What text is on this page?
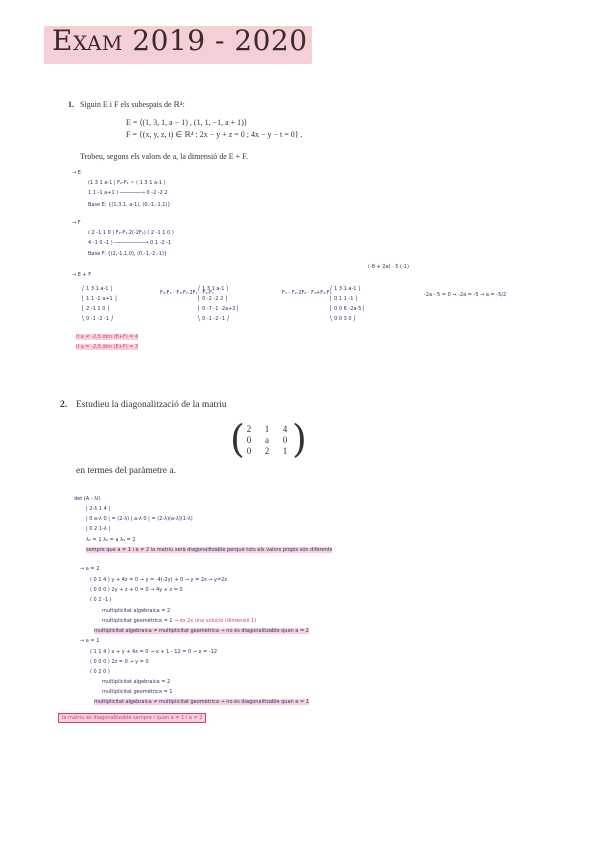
Exam 2019 - 2020
1. Siguin E i F els subespais de ℝ⁴:
E = ⟨(1, 3, 1, a − 1) , (1, 1, −1, a + 1)⟩
F = {(x, y, z, t) ∈ ℝ⁴ : 2x − y + z = 0 ; 4x − y − t = 0} .
Trobeu, segons els valors de a, la dimensió de E + F.
→ E
(1 3 1 a-1 | F₂-F₁ ~ ( 1 3 1 a-1 )
1 1 -1 a+1 ) ───────→ 0 -2 -2 2
Base E: {(1,3,1, a-1), (0,-1,-1,1)}
→ F
( 2 -1 1 0 | F₂-F₁·2(-2F₁) ( 2 -1 1 0 )
4 -1 0 -1 ) ──────────→ 0 1 -2 -1
Base F: {(2,-1,1,0), (0,-1,-2,-1)}
→ E + F
(-8 + 2a) · 5 (-1)
⎛ 1 3 1 a-1 ⎞
⎜ 1 1 -1 a+1 ⎟
⎜ 2 -1 1 0 ⎟
⎝ 0 -1 -2 -1 ⎠
F₂-F₁ · F₃-F₁·2F₁ · F₄-F₁
⎛ 1 3 1 a-1 ⎞
⎜ 0 -2 -2 2 ⎟
⎜ 0 -7 -1 -2a+2⎟
⎝ 0 -1 -2 -1 ⎠
F₃ - F₂·2F₂ · F₄+F₂·F₃
⎛ 1 3 1 a-1 ⎞
⎜ 0 1 1 -1 ⎟
⎜ 0 0 6 -2a-5⎟
⎝ 0 0 3 0 ⎠
-2a - 5 = 0 → -2a = -5 → a = -5/2
if a ≠ -2,5 dim (E+F) = 4
if a = -2,5 dim (E+F) = 3
2. Estudieu la diagonalització de la matriu
( 2	1	4
0	a	0
0	2	1 )
en termes del paràmetre a.
det (A - λI)
| 2-λ 1 4 |
| 0 a-λ 0 | = (2-λ) | a-λ 0 | = (2-λ)(a-λ)(1-λ)
| 0 2 1-λ |
λ₁ = 1 λ₂ = a λ₃ = 2
sempre que a ≠ 1 i a ≠ 2 la matriu serà diagonalitzable perquè tots els valors propis són diferents
→ a = 2
( 0 1 4 ) y + 4z = 0 → y = -4(-2y) + 0 → y = 2z → y=2z
( 0 0 0 ) 2y + z + 0 = 0 → 4y + z = 0
( 0 2 -1 )
multiplicitat algebraica = 2
multiplicitat geomètrica = 1 → és 2x una solució (dimensió 1)
multiplicitat algebraica ≠ multiplicitat geomètrica → no és diagonalitzable quan a = 2
→ a = 1
( 1 1 4 ) x + y + 4z = 0 → x + 1 - 12 = 0 → x = -12
( 0 0 0 ) 2z = 0 → y = 0
( 0 2 0 )
multiplicitat algebraica = 2
multiplicitat geomètrica = 1
multiplicitat algebraica ≠ multiplicitat geomètrica → no és diagonalitzable quan a = 1
la matriu és diagonalitzable sempre i quan a ≠ 1 i a ≠ 2
